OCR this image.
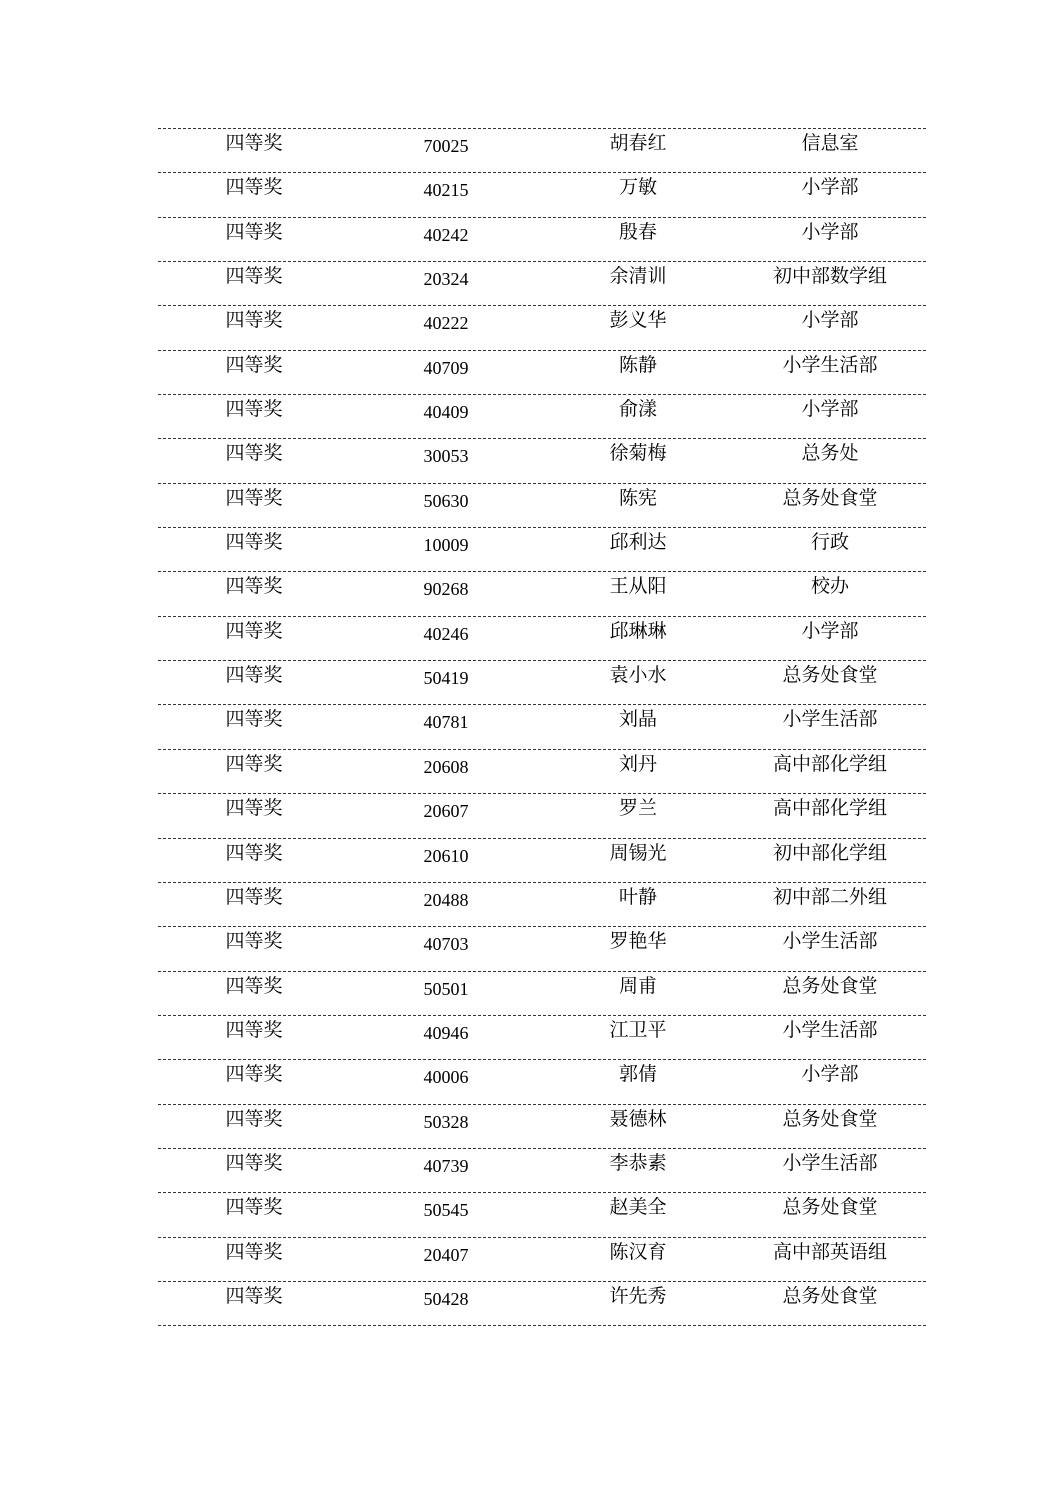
四等奖	70025	胡春红	信息室
四等奖	40215	万敏	小学部
四等奖	40242	殷春	小学部
四等奖	20324	余清训	初中部数学组
四等奖	40222	彭义华	小学部
四等奖	40709	陈静	小学生活部
四等奖	40409	俞漾	小学部
四等奖	30053	徐菊梅	总务处
四等奖	50630	陈宪	总务处食堂
四等奖	10009	邱利达	行政
四等奖	90268	王从阳	校办
四等奖	40246	邱琳琳	小学部
四等奖	50419	袁小水	总务处食堂
四等奖	40781	刘晶	小学生活部
四等奖	20608	刘丹	高中部化学组
四等奖	20607	罗兰	高中部化学组
四等奖	20610	周锡光	初中部化学组
四等奖	20488	叶静	初中部二外组
四等奖	40703	罗艳华	小学生活部
四等奖	50501	周甫	总务处食堂
四等奖	40946	江卫平	小学生活部
四等奖	40006	郭倩	小学部
四等奖	50328	聂德林	总务处食堂
四等奖	40739	李恭素	小学生活部
四等奖	50545	赵美全	总务处食堂
四等奖	20407	陈汉育	高中部英语组
四等奖	50428	许先秀	总务处食堂
